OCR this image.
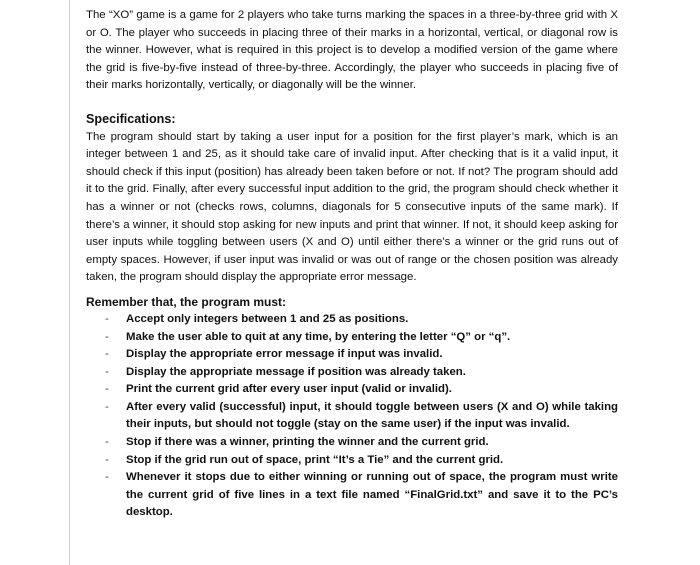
The “XO” game is a game for 2 players who take turns marking the spaces in a three-by-three grid with X or O. The player who succeeds in placing three of their marks in a horizontal, vertical, or diagonal row is the winner. However, what is required in this project is to develop a modified version of the game where the grid is five-by-five instead of three-by-three. Accordingly, the player who succeeds in placing five of their marks horizontally, vertically, or diagonally will be the winner.

Specifications:

The program should start by taking a user input for a position for the first player’s mark, which is an integer between 1 and 25, as it should take care of invalid input. After checking that is it a valid input, it should check if this input (position) has already been taken before or not. If not? The program should add it to the grid. Finally, after every successful input addition to the grid, the program should check whether it has a winner or not (checks rows, columns, diagonals for 5 consecutive inputs of the same mark). If there’s a winner, it should stop asking for new inputs and print that winner. If not, it should keep asking for user inputs while toggling between users (X and O) until either there’s a winner or the grid runs out of empty spaces. However, if user input was invalid or was out of range or the chosen position was already taken, the program should display the appropriate error message.

Remember that, the program must:
- Accept only integers between 1 and 25 as positions.
- Make the user able to quit at any time, by entering the letter “Q” or “q”.
- Display the appropriate error message if input was invalid.
- Display the appropriate message if position was already taken.
- Print the current grid after every user input (valid or invalid).
- After every valid (successful) input, it should toggle between users (X and O) while taking their inputs, but should not toggle (stay on the same user) if the input was invalid.
- Stop if there was a winner, printing the winner and the current grid.
- Stop if the grid run out of space, print “It’s a Tie” and the current grid.
- Whenever it stops due to either winning or running out of space, the program must write the current grid of five lines in a text file named “FinalGrid.txt” and save it to the PC’s desktop.
